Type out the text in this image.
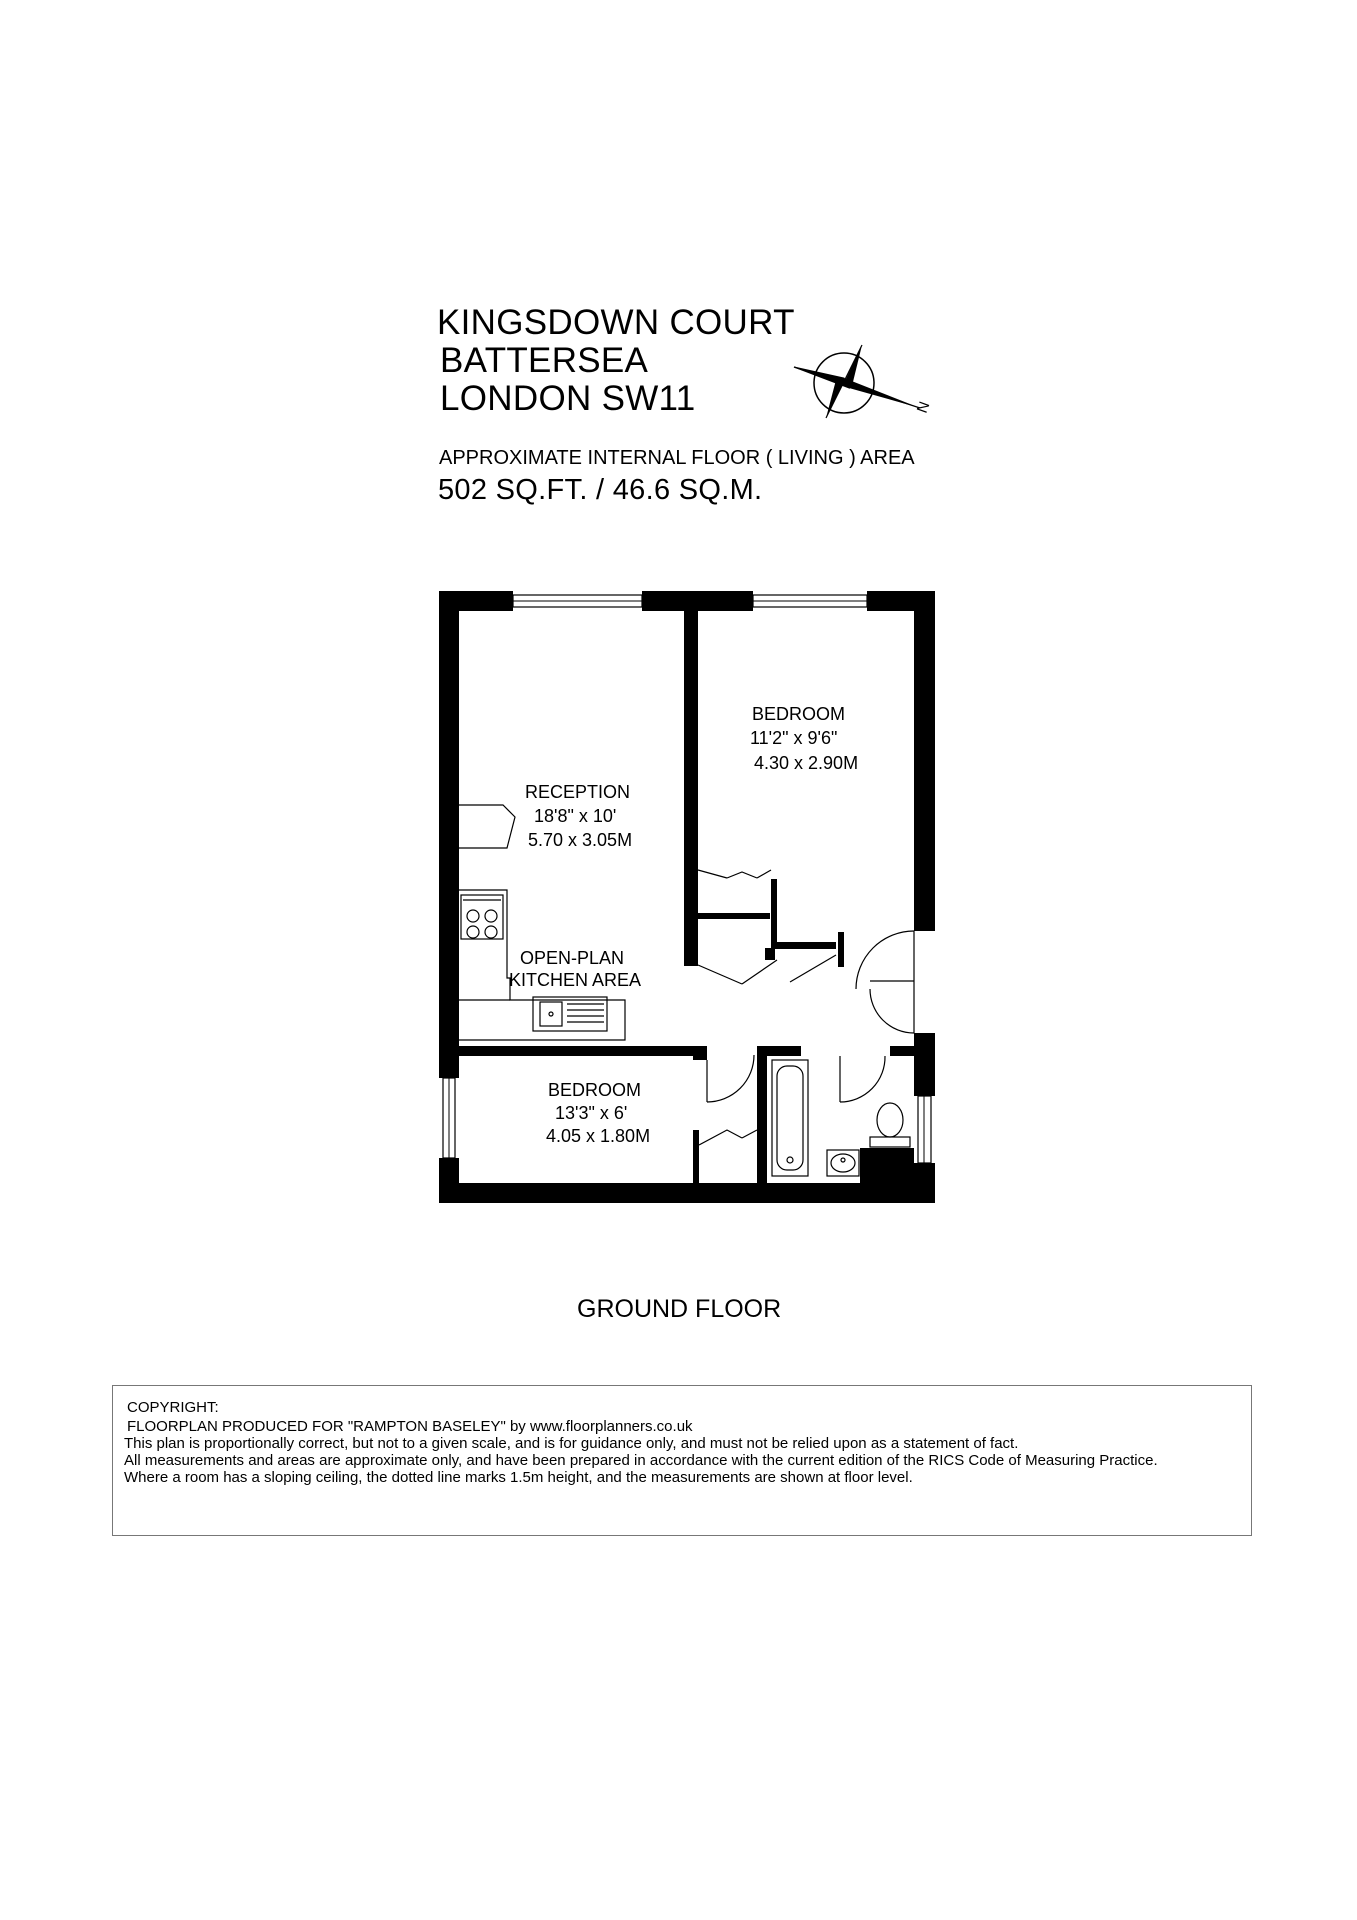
KINGSDOWN COURT
BATTERSEA
LONDON SW11
APPROXIMATE INTERNAL FLOOR ( LIVING ) AREA
502 SQ.FT. / 46.6 SQ.M.
N
BEDROOM
11'2" x 9'6"
4.30 x 2.90M
RECEPTION
18'8" x 10'
5.70 x 3.05M
OPEN-PLAN
KITCHEN AREA
BEDROOM
13'3" x 6'
4.05 x 1.80M
GROUND FLOOR
COPYRIGHT:
FLOORPLAN PRODUCED FOR "RAMPTON BASELEY" by www.floorplanners.co.uk
This plan is proportionally correct, but not to a given scale, and is for guidance only, and must not be relied upon as a statement of fact.
All measurements and areas are approximate only, and have been prepared in accordance with the current edition of the RICS Code of Measuring Practice.
Where a room has a sloping ceiling, the dotted line marks 1.5m height, and the measurements are shown at floor level.
